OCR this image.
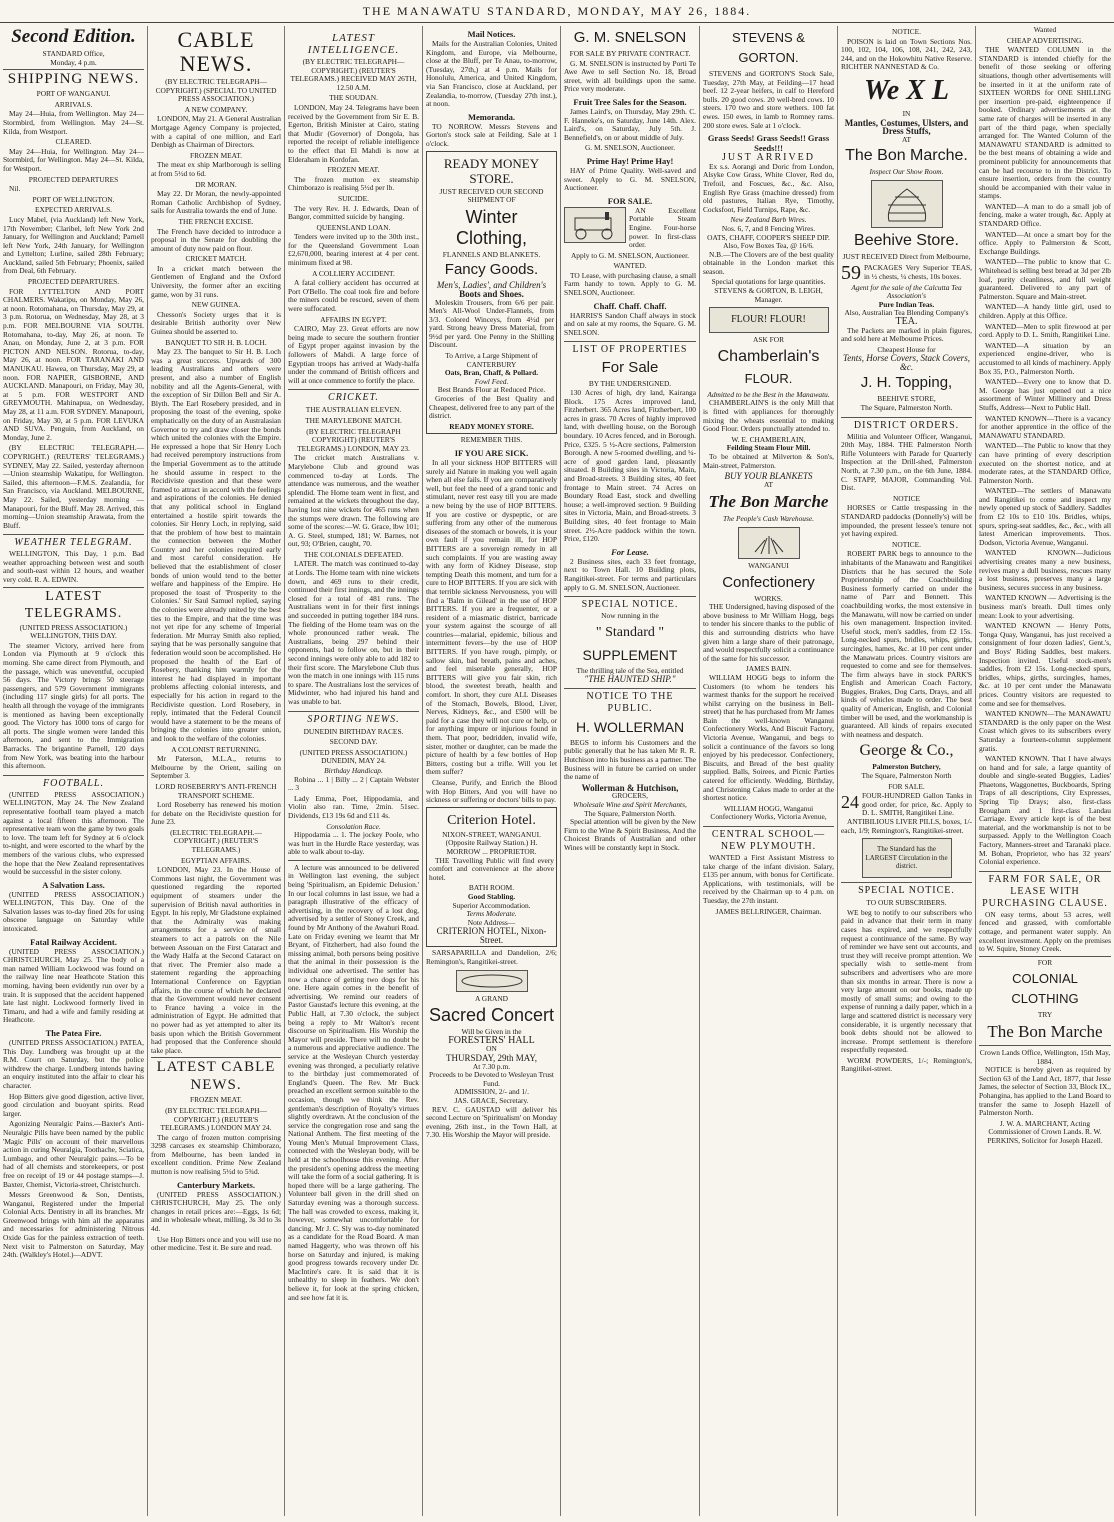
THE MANAWATU STANDARD, MONDAY, MAY 26, 1884.
Second Edition.
STANDARD Office,
Monday, 4 p.m.
SHIPPING NEWS.
PORT OF WANGANUI.
ARRIVALS.

May 24—Huia, from Wellington. May 24—Stormbird, from Wellington. May 24—St. Kilda, from Westport.

CLEARED.

May 24—Huia, for Wellington. May 24—Stormbird, for Wellington. May 24—St. Kilda, for Westport.

PROJECTED DEPARTURES

Nil.

PORT OF WELLINGTON.
EXPECTED ARRIVALS.

Lucy Mabel, (via Auckland) left New York, 17th November; Claribel, left New York 2nd January, for Wellington and Auckland; Parnell left New York, 24th January, for Wellington and Lyttelton; Lurline, sailed 28th February; Auckland, sailed 5th February; Phoenix, sailed from Deal, 6th February.

PROJECTED DEPARTURES.

FOR LYTTELTON AND PORT CHALMERS. Wakatipu, on Monday, May 26, at noon. Rotomahana, on Thursday, May 29, at 3 p.m. Rotorua, on Wednesday, May 28, at 3 p.m. FOR MELBOURNE VIA SOUTH. Rotomahana, to-day, May 26, at noon. Te Anau, on Monday, June 2, at 3 p.m. FOR PICTON AND NELSON. Rotorua, to-day, May 26, at noon. FOR TARANAKI AND MANUKAU. Hawea, on Thursday, May 29, at noon. FOR NAPIER, GISBORNE, AND AUCKLAND. Manapouri, on Friday, May 30, at 5 p.m. FOR WESTPORT AND GREYMOUTH. Mahinapua, on Wednesday, May 28, at 11 a.m. FOR SYDNEY. Manapouri, on Friday, May 30, at 5 p.m. FOR LEVUKA AND SUVA. Penguin, from Auckland, on Monday, June 2.

(BY ELECTRIC TELEGRAPH.—COPYRIGHT.) (REUTERS' TELEGRAMS.) SYDNEY, May 22. Sailed, yesterday afternoon—Union steamship Wakatipu, for Wellington. Sailed, this afternoon—F.M.S. Zealandia, for San Francisco, via Auckland. MELBOURNE, May 22. Sailed, yesterday morning — Manapouri, for the Bluff. May 28. Arrived, this morning—Union steamship Arawata, from the Bluff.

WEATHER TELEGRAM.

WELLINGTON, This Day, 1 p.m. Bad weather approaching between west and south and south-east within 12 hours, and weather very cold. R. A. EDWIN.

LATEST TELEGRAMS.
(UNITED PRESS ASSOCIATION.) WELLINGTON, THIS DAY.

The steamer Victory, arrived here from London via Plymouth at 9 o'clock this morning. She came direct from Plymouth, and the passage, which was uneventful, occupied 56 days. The Victory brings 50 steerage passengers, and 579 Government immigrants (including 117 single girls) for all ports. The health all through the voyage of the immigrants is mentioned as having been exceptionally good. The Victory has 1000 tons of cargo for all ports. The single women were landed this afternoon, and sent to the Immigration Barracks. The brigantine Parnell, 120 days from New York, was beating into the harbour this afternoon.

FOOTBALL.

(UNITED PRESS ASSOCIATION.) WELLINGTON, May 24. The New Zealand representative football team played a match against a local fifteen this afternoon. The representative team won the game by two goals to love. The team left for Sydney at 6 o'clock to-night, and were escorted to the wharf by the members of the various clubs, who expressed the hope that the New Zealand representatives would be successful in the sister colony.

A Salvation Lass.

(UNITED PRESS ASSOCIATION.) WELLINGTON, This Day. One of the Salvation lasses was to-day fined 20s for using obscene language on Saturday while intoxicated.

Fatal Railway Accident.

(UNITED PRESS ASSOCIATION.) CHRISTCHURCH, May 25. The body of a man named William Lockwood was found on the railway line near Heathcote Station this morning, having been evidently run over by a train. It is supposed that the accident happened late last night. Lockwood formerly lived in Timaru, and had a wife and family residing at Heathcote.

The Patea Fire.

(UNITED PRESS ASSOCIATION.) PATEA, This Day. Lundberg was brought up at the R.M. Court on Saturday, but the police withdrew the charge. Lundberg intends having an enquiry instituted into the affair to clear his character.

Hop Bitters give good digestion, active liver, good circulation and buoyant spirits. Read larger.

Agonizing Neuralgic Pains.—Baxter's Anti-Neuralgic Pills have been named by the public 'Magic Pills' on account of their marvellous action in curing Neuralgia, Toothache, Sciatica, Lumbago, and other Neuralgic pains.—To be had of all chemists and storekeepers, or post free on receipt of 19 or 44 postage stamps—J. Baxter, Chemist, Victoria-street, Christchurch.

Messrs Greenwood & Son, Dentists, Wanganui, Registered under the Imperial Colonial Acts. Dentistry in all its branches. Mr Greenwood brings with him all the apparatus and necessaries for administering Nitrous Oxide Gas for the painless extraction of teeth. Next visit to Palmerston on Saturday, May 24th. (Walkley's Hotel.)—ADVT.

CABLE NEWS.
(BY ELECTRIC TELEGRAPH—COPYRIGHT.) (SPECIAL TO UNITED PRESS ASSOCIATION.)
A NEW COMPANY.

LONDON, May 21. A General Australian Mortgage Agency Company is projected, with a capital of one million, and Earl Denbigh as Chairman of Directors.

FROZEN MEAT.

The meat ex ship Marlborough is selling at from 5½d to 6d.

DR MORAN.

May 22. Dr Moran, the newly-appointed Roman Catholic Archbishop of Sydney, sails for Australia towards the end of June.

THE FRENCH EXCISE.

The French have decided to introduce a proposal in the Senate for doubling the amount of duty now paid on flour.

CRICKET MATCH.

In a cricket match between the Gentlemen of England and the Oxford University, the former after an exciting game, won by 31 runs.

NEW GUINEA.

Chesson's Society urges that it is desirable British authority over New Guinea should be asserted to.

BANQUET TO SIR H. B. LOCH.

May 23. The banquet to Sir H. B. Loch was a great success. Upwards of 300 leading Australians and others were present, and also a number of English nobility and all the Agents-General, with the exception of Sir Dillon Bell and Sir A. Blyth. The Earl Rosebery presided, and in proposing the toast of the evening, spoke emphatically on the duty of an Australasian Governor to try and draw closer the bonds which united the colonies with the Empire. He expressed a hope that Sir Henry Loch had received peremptory instructions from the Imperial Government as to the attitude he should assume in respect to the Recidiviste question and that these were framed to attract in accord with the feelings and aspirations of the colonies. He denied that any political school in England entertained a hostile spirit towards the colonies. Sir Henry Loch, in replying, said that the problem of how best to maintain the connection between the Mother Country and her colonies required early and most careful consideration. He believed that the establishment of closer bonds of union would tend to the better welfare and happiness of the Empire. He proposed the toast of 'Prosperity to the Colonies.' Sir Saul Samuel replied, saying the colonies were already united by the best ties to the Empire, and that the time was not yet ripe for any scheme of Imperial federation. Mr Murray Smith also replied, saying that he was personally sanguine that federation would soon be accomplished. He proposed the health of the Earl of Rosebery, thanking him warmly for the interest he had displayed in important problems affecting colonial interests, and especially for his action in regard to the Recidiviste question. Lord Rosebery, in reply, intimated that the Federal Council would have a statement to be the means of bringing the colonies into greater union, and look to the welfare of the colonies.

A COLONIST RETURNING.

Mr Paterson, M.L.A., returns to Melbourne by the Orient, sailing on September 3.

LORD ROSEBERRY'S ANTI-FRENCH TRANSPORT SCHEME.

Lord Roseberry has renewed his motion for debate on the Recidiviste question for June 23.

(ELECTRIC TELEGRAPH.—COPYRIGHT.) (REUTER'S TELEGRAMS.)
EGYPTIAN AFFAIRS.

LONDON, May 23. In the House of Commons last night, the Government was questioned regarding the reported equipment of steamers under the supervision of British naval authorities in Egypt. In his reply, Mr Gladstone explained that the Admiralty was making arrangements for a service of small steamers to act a patrols on the Nile between Assouan on the First Cataract and the Wady Halfa at the Second Cataract on that river. The Premier also made a statement regarding the approaching International Conference on Egyptian affairs, in the course of which he declared that the Government would never consent to France having a voice in the administration of Egypt. He admitted that no power had as yet attempted to alter its basis upon which the British Government had proposed that the Conference should take place.

LATEST CABLE NEWS.
FROZEN MEAT.
(BY ELECTRIC TELEGRAPH—COPYRIGHT.) (REUTER'S TELEGRAMS.) LONDON MAY 24.

The cargo of frozen mutton comprising 3298 carcases ex steamship Chimborazo, from Melbourne, has been landed in excellent condition. Prime New Zealand mutton is now realising 5½d to 5¾d.

Canterbury Markets.

(UNITED PRESS ASSOCIATION.) CHRISTCHURCH, May 25. The only changes in retail prices are:—Eggs, 1s 6d; and in wholesale wheat, milling, 3s 3d to 3s 4d.

Use Hop Bitters once and you will use no other medicine. Test it. Be sure and read.

LATEST INTELLIGENCE.
(BY ELECTRIC TELEGRAPH—COPYRIGHT.) (REUTER'S TELEGRAMS.) RECEIVED MAY 26TH, 12.50 A.M.
THE SOUDAN.

LONDON, May 24. Telegrams have been received by the Government from Sir E. B. Egerton, British Minister at Cairo, stating that Mudir (Governor) of Dongola, has reported the receipt of reliable intelligence to the effect that El Mahdi is now at Elderaham in Kordofan.

FROZEN MEAT.

The frozen mutton ex steamship Chimborazo is realising 5½d per lb.

SUICIDE.

The very Rev. H. J. Edwards, Dean of Bangor, committed suicide by hanging.

QUEENSLAND LOAN.

Tenders were invited up to the 30th inst., for the Queensland Government Loan £2,670,000, bearing interest at 4 per cent. minimum fixed at 98.

A COLLIERY ACCIDENT.

A fatal colliery accident has occurred at Port O'Bello. The coal took fire and before the miners could be rescued, seven of them were suffocated.

AFFAIRS IN EGYPT.

CAIRO, May 23. Great efforts are now being made to secure the southern frontier of Egypt proper against invasion by the followers of Mahdi. A large force of Egyptian troops has arrived at Wady-halfa under the command of British officers and will at once commence to fortify the place.

CRICKET.
THE AUSTRALIAN ELEVEN.
THE MARYLEBONE MATCH.
(BY ELECTRIC TELEGRAPH COPYRIGHT) (REUTER'S TELEGRAMS.) LONDON, MAY 23.

The cricket match Australians v. Marylebone Club and ground was commenced to-day at Lords. The attendance was numerous, and the weather splendid. The Home team went in first, and remained at the wickets throughout the day, having lost nine wickets for 465 runs when the stumps were drawn. The following are some of the scores:—W. G. Grace, lbw 101; A. G. Steel, stumped, 181; W. Barnes, not out, 93; O'Brien, caught, 70.

THE COLONIALS DEFEATED.

LATER. The match was continued to-day at Lords. The Home team with nine wickets down, and 469 runs to their credit, continued their first innings, and the innings closed for a total of 481 runs. The Australians went in for their first innings and succeeded in putting together 184 runs. The fielding of the Home team was on the whole pronounced rather weak. The Australians, being 297 behind their opponents, had to follow on, but in their second innings were only able to add 182 to their first score. The Marylebone Club thus won the match in one innings with 115 runs to spare. The Australians lost the services of Midwinter, who had injured his hand and was unable to bat.

SPORTING NEWS.
DUNEDIN BIRTHDAY RACES.
SECOND DAY.
(UNITED PRESS ASSOCIATION.) DUNEDIN, MAY 24.
Birthday Handicap.

Robina ... 1 | Billy ... 2 | Captain Webster ... 3

Lady Emma, Poet, Hippodamia, and Violin also ran. Time, 2min. 51sec. Dividends, £13 19s 6d and £11 4s.

Consolation Race.

Hippodamia ... 1. The jockey Poole, who was hurt in the Hurdle Race yesterday, was able to walk about to-day.

A lecture was announced to be delivered in Wellington last evening, the subject being 'Spiritualism, an Epidemic Delusion.' In our local columns in last issue, we had a paragraph illustrative of the efficacy of advertising, in the recovery of a lost dog, advertised by a settler of Stoney Creek, and found by Mr Anthony of the Awahuri Road. Late on Friday evening we learnt that Mr Bryant, of Fitzherbert, had also found the missing animal, both persons being positive that the animal in their possession is the individual one advertised. The settler has now a chance of getting two dogs for his one. Here again comes in the benefit of advertising. We remind our readers of Pastor Gaustad's lecture this evening, at the Public Hall, at 7.30 o'clock, the subject being a reply to Mr Walton's recent discourse on Spiritualism. His Worship the Mayor will preside. There will no doubt be a numerous and appreciative audience. The service at the Wesleyan Church yesterday evening was thronged, a peculiarly relative to the birthday just commemorated of England's Queen. The Rev. Mr Buck preached an excellent sermon suitable to the occasion, though we think the Rev. gentleman's description of Royalty's virtues slightly overdrawn. At the conclusion of the service the congregation rose and sang the National Anthem. The first meeting of the Young Men's Mutual Improvement Class, connected with the Wesleyan body, will be held at the schoolhouse this evening. After the president's opening address the meeting will take the form of a social gathering. It is hoped there will be a large gathering. The Volunteer ball given in the drill shed on Saturday evening was a thorough success. The hall was crowded to excess, making it, however, somewhat uncomfortable for dancing. Mr J. C. Sly was to-day nominated as a candidate for the Road Board. A man named Haggerty, who was thrown off his horse on Saturday and injured, is making good progress towards recovery under Dr. MacIntire's care. It is said that it is unhealthy to sleep in feathers. We don't believe it, for look at the spring chicken, and see how fat it is.

Mail Notices.

Mails for the Australian Colonies, United Kingdom, and Europe, via Melbourne, close at the Bluff, per Te Anau, to-morrow, (Tuesday, 27th,) at 4 p.m. Mails for Honolulu, America, and United Kingdom, via San Francisco, close at Auckland, per Zealandia, to-morrow, (Tuesday 27th inst.), at noon.

Memoranda.

TO NORROW. Messrs Stevens and Gorton's stock sale at Feilding. Sale at 1 o'clock.

READY MONEY STORE.
JUST RECEIVED OUR SECOND SHIPMENT OF
Winter Clothing,
FLANNELS AND BLANKETS.
Fancy Goods.
Men's, Ladies', and Children's
Boots and Shoes.

Moleskin Trousers, from 6/6 per pair. Men's All-Wool Under-Flannels, from 3/3. Colored Winceys, from 4½d per yard. Strong heavy Dress Material, from 9½d per yard. One Penny in the Shilling Discount.

To Arrive, a Large Shipment of CANTERBURY
Oats, Bran, Chaff, & Pollard.
Fowl Feed.
Best Brands Flour at Reduced Price.

Groceries of the Best Quality and Cheapest, delivered free to any part of the district.

READY MONEY STORE.
REMEMBER THIS.
IF YOU ARE SICK.

In all your sickness HOP BITTERS will surely aid Nature in making you well again when all else fails. If you are comparatively well, but feel the need of a grand tonic and stimulant, never rest easy till you are made a new being by the use of HOP BITTERS. If you are costive or dyspeptic, or are suffering from any other of the numerous diseases of the stomach or bowels, it is your own fault if you remain ill, for HOP BITTERS are a sovereign remedy in all such complaints. If you are wasting away with any form of Kidney Disease, stop tempting Death this moment, and turn for a cure to HOP BITTERS. If you are sick with that terrible sickness Nervousness, you will find a 'Balm in Gilead' in the use of HOP BITTERS. If you are a frequenter, or a resident of a miasmatic district, barricade your system against the scourge of all countries—malarial, epidemic, bilious and intermittent fevers—by the use of HOP BITTERS. If you have rough, pimply, or sallow skin, bad breath, pains and aches, and feel miserable generally, HOP BITTERS will give you fair skin, rich blood, the sweetest breath, health and comfort. In short, they cure ALL Diseases of the Stomach, Bowels, Blood, Liver, Nerves, Kidneys, &c., and £500 will be paid for a case they will not cure or help, or for anything impure or injurious found in them. That poor, bedridden, invalid wife, sister, mother or daughter, can be made the picture of health by a few bottles of Hop Bitters, costing but a trifle. Will you let them suffer?

Cleanse, Purify, and Enrich the Blood with Hop Bitters, And you will have no sickness or suffering or doctors' bills to pay.

Criterion Hotel.
NIXON-STREET, WANGANUI. (Opposite Railway Station.) H. MORROW ... PROPRIETOR.

THE Travelling Public will find every comfort and convenience at the above hotel.

BATH ROOM.
Good Stabling.
Superior Accommodation.
Terms Moderate.
Note Address—
CRITERION HOTEL, Nixon-Street.

SARSAPARILLA and Dandelion, 2/6; Remington's, Rangitikei-street.

A GRAND
Sacred Concert
Will be Given in the
FORESTERS' HALL
ON
THURSDAY, 29th MAY,
At 7.30 p.m.
Proceeds to be Devoted to Wesleyan Trust Fund.
ADMISSION, 2/- and 1/.
JAS. GRACE, Secretary.

REV. C. GAUSTAD will deliver his second Lecture on 'Spiritualism' on Monday evening, 26th inst., in the Town Hall, at 7.30. His Worship the Mayor will preside.

G. M. SNELSON
FOR SALE BY PRIVATE CONTRACT.

G. M. SNELSON is instructed by Porti Te Awe Awe to sell Section No. 18, Broad street, with all buildings upon the same. Price very moderate.

Fruit Tree Sales for the Season.

James Laird's, on Thursday, May 29th. C. F. Hanneke's, on Saturday, June 14th. Alex. Laird's, on Saturday, July 5th. J. Bennefield's, on or about middle of July.

G. M. SNELSON, Auctioneer.
Prime Hay! Prime Hay!

HAY of Prime Quality. Well-saved and sweet. Apply to G. M. SNELSON, Auctioneer.

FOR SALE.

AN Excellent Portable Steam Engine. Four-horse power. In first-class order.

Apply to G. M. SNELSON, Auctioneer.
WANTED.

TO Lease, with purchasing clause, a small Farm handy to town. Apply to G. M. SNELSON, Auctioneer.

Chaff. Chaff. Chaff.

HARRIS'S Sandon Chaff always in stock and on sale at my rooms, the Square. G. M. SNELSON.

LIST OF PROPERTIES
For Sale
BY THE UNDERSIGNED.

130 Acres of high, dry land, Kairanga Block. 175 Acres improved land, Fitzherbert. 365 Acres land, Fitzherbert, 100 acres in grass. 70 Acres of highly improved land, with dwelling house, on the Borough boundary. 10 Acres fenced, and in Borough. Price, £325. 5 ½-Acre sections, Palmerston Borough. A new 5-roomed dwelling, and ¼-acre of good garden land, pleasantly situated. 8 Building sites in Victoria, Main, and Broad-streets. 3 Building sites, 40 feet frontage to Main street. 74 Acres on Boundary Road East, stock and dwelling house; a well-improved section. 9 Building sites in Victoria, Main, and Broad-streets. 3 Building sites, 40 feet frontage to Main street. 2½-Acre paddock within the town. Price, £120.

For Lease.

2 Business sites, each 33 feet frontage, next to Town Hall. 10 Building plots, Rangitikei-street. For terms and particulars apply to G. M. SNELSON, Auctioneer.

SPECIAL NOTICE.
Now running in the
" Standard "
SUPPLEMENT
The thrilling tale of the Sea, entitled
"THE HAUNTED SHIP."
NOTICE TO THE PUBLIC.
H. WOLLERMAN

BEGS to inform his Customers and the public generally that he has taken Mr R. R. Hutchison into his business as a partner. The Business will in future be carried on under the name of

Wollerman & Hutchison,
GROCERS,
Wholesale Wine and Spirit Merchants,
The Square, Palmerston North.

Special attention will be given by the New Firm to the Wine & Spirit Business, And the Choicest Brands of Australian and other Wines will be constantly kept in Stock.

STEVENS & GORTON.

STEVENS and GORTON'S Stock Sale, Tuesday, 27th May, at Feilding—17 head beef. 12 2-year heifers, in calf to Hereford bulls. 20 good cows. 20 well-bred cows. 10 steers. 170 two and store wethers. 100 fat ewes. 150 ewes, in lamb to Romney rams. 200 store ewes. Sale at 1 o'clock.

Grass Seeds! Grass Seeds!! Grass Seeds!!!
JUST ARRIVED

Ex s.s. Aorangi and Doric from London, Alsyke Cow Grass, White Clover, Red do, Trefoil, and Foscues, &c., &c. Also, English Rye Grass (machine dressed) from old pastures, Italian Rye, Timothy, Cocksfoot, Field Turnips, Rape, &c.

New Zealand Barb Wires.
Nos. 6, 7, and 8 Fencing Wires.
OATS, CHAFF, COOPER'S SHEEP DIP. Also, Fow Boxes Tea, @ 16/6.

N.B.—The Clovers are of the best quality obtainable in the London market this season.

Special quotations for large quantities.
STEVENS & GORTON, B. LEIGH, Manager.
FLOUR! FLOUR!
ASK FOR
Chamberlain's
FLOUR.
Admitted to be the Best in the Manawatu.

CHAMBERLAIN'S is the only Mill that is fitted with appliances for thoroughly mixing the wheats essential to making Good Flour. Orders punctually attended to.

W. E. CHAMBERLAIN,
Feilding Steam Flour Mill.

To be obtained at Milverton & Son's, Main-street, Palmerston.

BUY YOUR BLANKETS
AT
The Bon Marche
The People's Cash Warehouse.
WANGANUI
Confectionery
WORKS.

THE Undersigned, having disposed of the above business to Mr William Hogg, begs to tender his sincere thanks to the public of this and surrounding districts who have given him a large share of their patronage, and would respectfully solicit a continuance of the same for his successor.

JAMES BAIN.

WILLIAM HOGG begs to inform the Customers (to whom he tenders his warmest thanks for the support he received whilst carrying on the business in Bell-street) that he has purchased from Mr James Bain the well-known Wanganui Confectionery Works, And Biscuit Factory, Victoria Avenue, Wanganui, and begs to solicit a continuance of the favors so long enjoyed by his predecessor. Confectionery, Biscuits, and Bread of the best quality supplied. Balls, Soirees, and Picnic Parties catered for efficiently. Wedding, Birthday, and Christening Cakes made to order at the shortest notice.

WILLIAM HOGG, Wanganui Confectionery Works, Victoria Avenue,
CENTRAL SCHOOL—NEW PLYMOUTH.

WANTED a First Assistant Mistress to take charge of the infant division. Salary, £135 per annum, with bonus for Certificate. Applications, with testimonials, will be received by the Chairman up to 4 p.m. on Tuesday, the 27th instant.

JAMES BELLRINGER, Chairman.
NOTICE.

POISON is laid on Town Sections Nos. 100, 102, 104, 106, 108, 241, 242, 243, 244, and on the Hokowhitu Native Reserve. RICHTER NANNESTAD & Co.

We X L
IN
Mantles, Costumes, Ulsters, and Dress Stuffs,
AT
The Bon Marche.
Inspect Our Show Room.
Beehive Store.
JUST RECEIVED Direct from Melbourne,
59 PACKAGES Very Superior TEAS, in ½ chests, ¼ chests, 10s boxes.
Agent for the sale of the Calcutta Tea Association's
Pure Indian Teas.
Also, Australian Tea Blending Company's
TEA.

The Packets are marked in plain figures, and sold here at Melbourne Prices.

Cheapest House for
Tents, Horse Covers, Stack Covers, &c.
J. H. Topping,
BEEHIVE STORE,
The Square, Palmerston North.
DISTRICT ORDERS.

Militia and Volunteer Officer, Wanganui, 20th May, 1884. THE Palmerston North Rifle Volunteers with Parade for Quarterly Inspection at the Drill-shed, Palmerston North, at 7.30 p.m., on the 6th June, 1884. C. STAPP, MAJOR, Commanding Vol. Dist.

NOTICE

HORSES or Cattle trespassing in the STANDARD paddocks (Donnelly's) will be impounded, the present lessee's tenure not yet having expired.

NOTICE.

ROBERT PARK begs to announce to the inhabitants of the Manawatu and Rangitikei Districts that he has secured the Sole Proprietorship of the Coachbuilding Business formerly carried on under the name of Parr and Bennett. This coachbuilding works, the most extensive in the Manawatu, will now be carried on under his own management. Inspection invited. Useful stock, men's saddles, from £2 15s. Long-necked spurs, bridles, whips, girths, surcingles, hames, &c. at 10 per cent under the Manawatu prices. Country visitors are requested to come and see for themselves. The firm always have in stock PARK'S English and American Coach Factory, Buggies, Brakes, Dog Carts, Drays, and all kinds of vehicles made to order. The best quality of American, English, and Colonial timber will be used, and the workmanship is guaranteed. All kinds of repairs executed with neatness and despatch.

George & Co.,
Palmerston Butchery,
The Square, Palmerston North
FOR SALE.
24 FOUR-HUNDRED Gallon Tanks in good order, for price, &c. Apply to D. L. SMITH, Rangitikei Line.

ANTIBILIOUS LIVER PILLS, boxes, 1/- each, 1/9; Remington's, Rangitikei-street.

The Standard has the LARGEST Circulation in the district.
SPECIAL NOTICE.
TO OUR SUBSCRIBERS.

WE beg to notify to our subscribers who paid in advance that their term in many cases has expired, and we respectfully request a continuance of the same. By way of reminder we have sent out accounts, and trust they will receive prompt attention. We specially wish to settle-ment from subscribers and advertisers who are more than six months in arrear. There is now a very large amount on our books, made up mostly of small sums; and owing to the expense of running a daily paper, which in a large and scattered district is necessary very considerable, it is urgently necessary that book debts should not be allowed to increase. Prompt settlement is therefore respectfully requested.

WORM POWDERS, 1/-; Remington's, Rangitikei-street.

Wanted
CHEAP ADVERTISING.

THE WANTED COLUMN in the STANDARD is intended chiefly for the benefit of those seeking or offering situations, though other advertisements will be inserted in it at the uniform rate of SIXTEEN WORDS for ONE SHILLING per insertion pre-paid, eighteenpence if booked. Ordinary advertisements at the same rate of charges will be inserted in any part of the third page, when specially arranged for. The Wanted Column of the MANAWATU STANDARD is admitted to be the best means of obtaining a wide and prominent publicity for announcements that can be had recourse to in the District. To ensure insertion, orders from the country should be accompanied with their value in stamps.

WANTED—A man to do a small job of fencing, make a water trough, &c. Apply at STANDARD Office.

WANTED—At once a smart boy for the office. Apply to Palmerston & Scott, Exchange Buildings.

WANTED—The public to know that C. Whitehead is selling best bread at 3d per 2lb loaf, purity cleanliness, and full weight guaranteed. Delivered to any part of Palmerston. Square and Main-street.

WANTED—A handy little girl, used to children. Apply at this Office.

WANTED—Men to split firewood at per cord. Apply to D. L. Smith, Rangitikei Line.

WANTED—A situation by an experienced engine-driver, who is accustomed to all kinds of machinery. Apply Box 35, P.O., Palmerston North.

WANTED—Every one to know that D. M. George has just opened out a nice assortment of Winter Millinery and Dress Stuffs, Address—Next to Public Hall.

WANTED KNOWN—There is a vacancy for another apprentice in the office of the MANAWATU STANDARD.

WANTED—The Public to know that they can have printing of every description executed on the shortest notice, and at moderate rates, at the STANDARD Office, Palmerston North.

WANTED—The settlers of Manawatu and Rangitikei to come and inspect my newly opened up stock of Saddlery. Saddles from £2 10s to £10 10s. Bridles, whips, spurs, spring-seat saddles, &c., &c., with all latest American improvements. Thos. Dodson, Victoria Avenue, Wanganui.

WANTED KNOWN—Judicious advertising creates many a new business, revives many a dull business, rescues many a lost business, preserves many a large business, secures success in any business.

WANTED KNOWN — Advertising is the business man's breath. Dull times only mean: Look to your advertising.

WANTED KNOWN — Henry Potts, Tonga Quay, Wanganui, has just received a consignment of four dozen ladies', Gent.'s, and Boys' Riding Saddles, best makers. Inspection invited. Useful stock-men's saddles, from £2 15s. Long-necked spurs, bridles, whips, girths, surcingles, hames, &c. at 10 per cent under the Manawatu prices. Country visitors are requested to come and see for themselves.

WANTED KNOWN—The MANAWATU STANDARD is the only paper on the West Coast which gives to its subscribers every Saturday a fourteen-column supplement gratis.

WANTED KNOWN. That I have always on hand and for sale, a large quantity of double and single-seated Buggies, Ladies' Phaetons, Waggonettes, Buckboards, Spring Traps of all descriptions, City Expresses, Spring Tip Drays; also, first-class Brougham and 1 first-class Landau Carriage. Every article kept is of the best material, and the workmanship is not to be surpassed. Apply to the Wellington Coach Factory, Manners-street and Taranaki place. M. Bohan, Proprietor, who has 32 years' Colonial experience.

FARM FOR SALE, OR LEASE WITH PURCHASING CLAUSE.

ON easy terms, about 53 acres, well fenced and grassed, with comfortable cottage, and permanent water supply. An excellent investment. Apply on the premises to W. Squire, Stoney Creek.

FOR
COLONIAL CLOTHING
TRY
The Bon Marche
Crown Lands Office, Wellington, 15th May, 1884.

NOTICE is hereby given as required by Section 63 of the Land Act, 1877, that Jesse James, the selector of Section 33, Block IX., Pohangina, has applied to the Land Board to transfer the same to Joseph Hazell of Palmerston North.

J. W. A. MARCHANT, Acting Commissioner of Crown Lands. R. W. PERKINS, Solicitor for Joseph Hazell.
